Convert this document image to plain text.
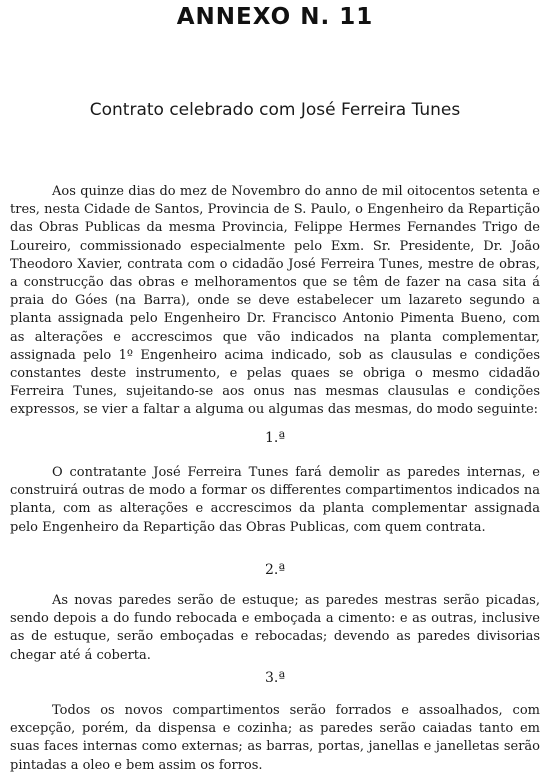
ANNEXO N. 11
Contrato celebrado com José Ferreira Tunes

Aos quinze dias do mez de Novembro do anno de mil oitocentos setenta e tres, nesta Cidade de Santos, Provincia de S. Paulo, o Engenheiro da Repartição das Obras Publicas da mesma Provincia, Felippe Hermes Fernandes Trigo de Loureiro, commissionado especialmente pelo Exm. Sr. Presidente, Dr. João Theodoro Xavier, contrata com o cidadão José Ferreira Tunes, mestre de obras, a construcção das obras e melhoramentos que se têm de fazer na casa sita á praia do Góes (na Barra), onde se deve estabelecer um lazareto segundo a planta assignada pelo Engenheiro Dr. Francisco Antonio Pimenta Bueno, com as alterações e accrescimos que vão indicados na planta complementar, assignada pelo 1º Engenheiro acima indicado, sob as clausulas e condições constantes deste instrumento, e pelas quaes se obriga o mesmo cidadão Ferreira Tunes, sujeitando-se aos onus nas mesmas clausulas e condições expressos, se vier a faltar a alguma ou algumas das mesmas, do modo seguinte:

1.ª

O contratante José Ferreira Tunes fará demolir as paredes internas, e construirá outras de modo a formar os differentes compartimentos indicados na planta, com as alterações e accrescimos da planta complementar assignada pelo Engenheiro da Repartição das Obras Publicas, com quem contrata.

2.ª

As novas paredes serão de estuque; as paredes mestras serão picadas, sendo depois a do fundo rebocada e emboçada a cimento: e as outras, inclusive as de estuque, serão emboçadas e rebocadas; devendo as paredes divisorias chegar até á coberta.

3.ª

Todos os novos compartimentos serão forrados e assoalhados, com excepção, porém, da dispensa e cozinha; as paredes serão caiadas tanto em suas faces internas como externas; as barras, portas, janellas e janelletas serão pintadas a oleo e bem assim os forros.
